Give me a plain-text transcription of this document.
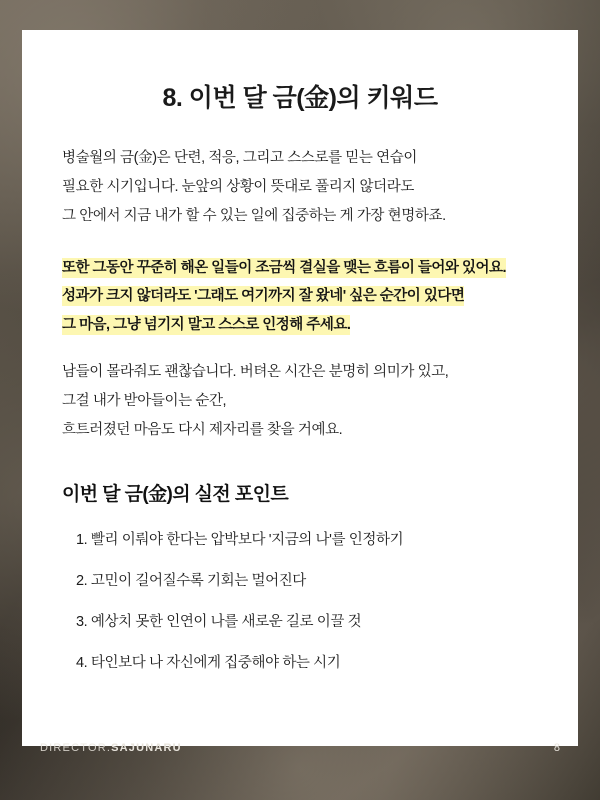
8. 이번 달 금(金)의 키워드
병술월의 금(金)은 단련, 적응, 그리고 스스로를 믿는 연습이
필요한 시기입니다. 눈앞의 상황이 뜻대로 풀리지 않더라도
그 안에서 지금 내가 할 수 있는 일에 집중하는 게 가장 현명하죠.
또한 그동안 꾸준히 해온 일들이 조금씩 결실을 맺는 흐름이 들어와 있어요.
성과가 크지 않더라도 '그래도 여기까지 잘 왔네' 싶은 순간이 있다면
그 마음, 그냥 넘기지 말고 스스로 인정해 주세요.
남들이 몰라줘도 괜찮습니다. 버텨온 시간은 분명히 의미가 있고,
그걸 내가 받아들이는 순간,
흐트러졌던 마음도 다시 제자리를 찾을 거예요.
이번 달 금(金)의 실전 포인트
1. 빨리 이뤄야 한다는 압박보다 '지금의 나'를 인정하기
2. 고민이 길어질수록 기회는 멀어진다
3. 예상치 못한 인연이 나를 새로운 길로 이끌 것
4. 타인보다 나 자신에게 집중해야 하는 시기
DIRECTOR.SAJUNARU	8
